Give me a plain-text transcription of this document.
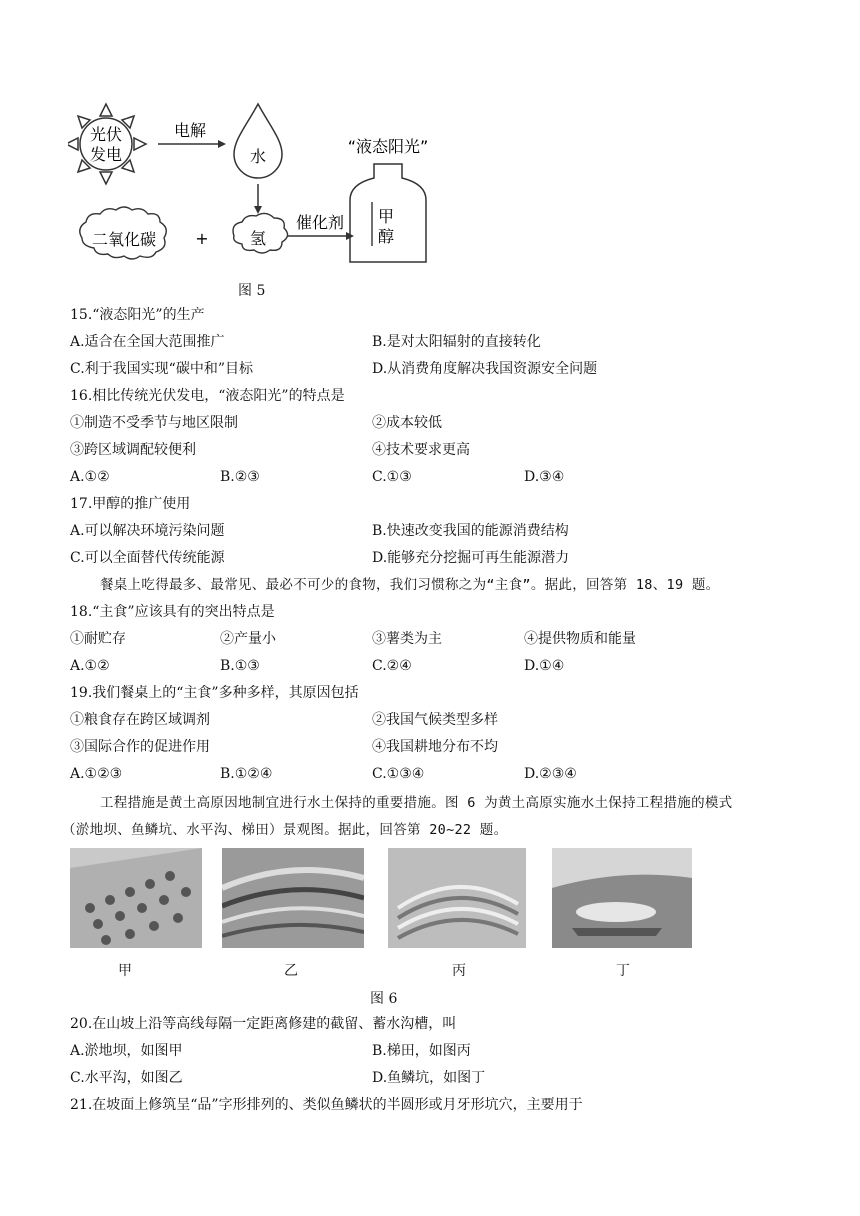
光伏
发电
电解
水
二氧化碳 +	氢
催化剂
“液态阳光”
甲
醇
图 5
15.“液态阳光”的生产
A.适合在全国大范围推广	B.是对太阳辐射的直接转化
C.利于我国实现“碳中和”目标	D.从消费角度解决我国资源安全问题
16.相比传统光伏发电，“液态阳光”的特点是
①制造不受季节与地区限制	②成本较低
③跨区域调配较便利	④技术要求更高
A.①②	B.②③	C.①③	D.③④
17.甲醇的推广使用
A.可以解决环境污染问题	B.快速改变我国的能源消费结构
C.可以全面替代传统能源	D.能够充分挖掘可再生能源潜力
餐桌上吃得最多、最常见、最必不可少的食物，我们习惯称之为“主食”。据此，回答第 18、19 题。
18.“主食”应该具有的突出特点是
①耐贮存	②产量小	③薯类为主	④提供物质和能量
A.①②	B.①③	C.②④	D.①④
19.我们餐桌上的“主食”多种多样，其原因包括
①粮食存在跨区域调剂	②我国气候类型多样
③国际合作的促进作用	④我国耕地分布不均
A.①②③	B.①②④	C.①③④	D.②③④
工程措施是黄土高原因地制宜进行水土保持的重要措施。图 6 为黄土高原实施水土保持工程措施的模式
（淤地坝、鱼鳞坑、水平沟、梯田）景观图。据此，回答第 20~22 题。
甲	乙	丙	丁
图 6
20.在山坡上沿等高线每隔一定距离修建的截留、蓄水沟槽，叫
A.淤地坝，如图甲	B.梯田，如图丙
C.水平沟，如图乙	D.鱼鳞坑，如图丁
21.在坡面上修筑呈“品”字形排列的、类似鱼鳞状的半圆形或月牙形坑穴，主要用于
